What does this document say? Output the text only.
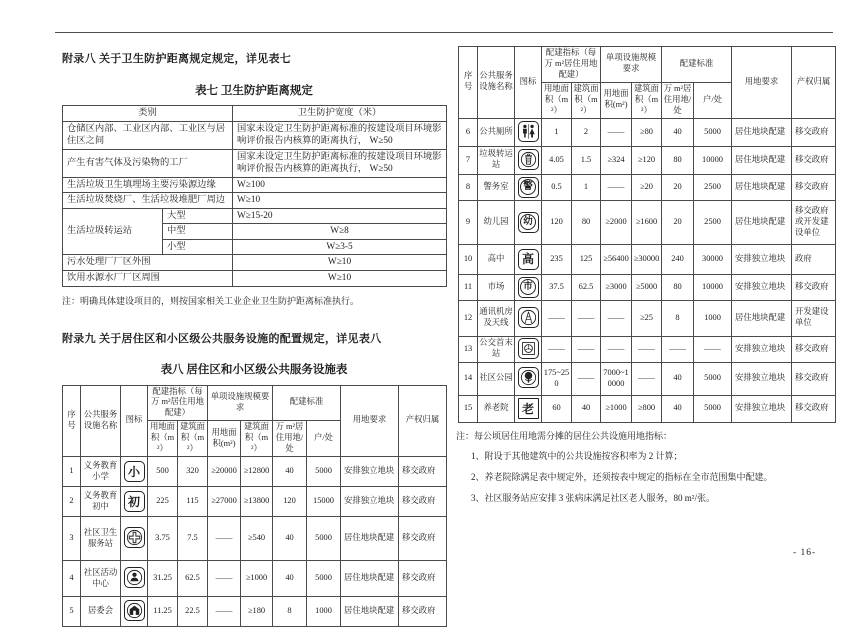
附录八 关于卫生防护距离规定规定，详见表七
表七 卫生防护距离规定
类别		卫生防护宽度（米）
仓储区内部、工业区内部、工业区与居住区之间		国家未设定卫生防护距离标准的按建设项目环境影响评价报告内核算的距离执行， W≥50
产生有害气体及污染物的工厂		国家未设定卫生防护距离标准的按建设项目环境影响评价报告内核算的距离执行， W≥50
生活垃圾卫生填埋场主要污染源边缘		W≥100
生活垃圾焚烧厂、生活垃圾堆肥厂周边		W≥10
生活垃圾转运站	大型	W≥15-20
	中型	W≥8
	小型	W≥3-5
污水处理厂厂区外围		W≥10
饮用水源水厂厂区周围		W≥10
注：明确具体建设项目的，则按国家相关工业企业卫生防护距离标准执行。
附录九 关于居住区和小区级公共服务设施的配置规定，详见表八
表八 居住区和小区级公共服务设施表
序号	公共服务设施名称	图标	配建指标（每万 m²居住用地配建）		单项设施规模要求		配建标准		用地要求	产权归属
			用地面积（m²）	建筑面积（m²）	用地面积(m²)	建筑面积（m²）	万 m²居住用地/处	户/处		
1	义务教育小学	小	500	320	≥20000	≥12800	40	5000	安排独立地块	移交政府
2	义务教育初中	初	225	115	≥27000	≥13800	120	15000	安排独立地块	移交政府
3	社区卫生服务站		3.75	7.5	——	≥540	40	5000	居住地块配建	移交政府
4	社区活动中心		31.25	62.5	——	≥1000	40	5000	居住地块配建	移交政府
5	居委会		11.25	22.5	——	≥180	8	1000	居住地块配建	移交政府
序号	公共服务设施名称	图标	配建指标（每万 m²居住用地配建）		单项设施规模要求		配建标准		用地要求	产权归属
			用地面积（m²）	建筑面积（m²）	用地面积(m²)	建筑面积（m²）	万 m²居住用地/处	户/处		
6	公共厕所		1	2	——	≥80	40	5000	居住地块配建	移交政府
7	垃圾转运站		4.05	1.5	≥324	≥120	80	10000	居住地块配建	移交政府
8	警务室	警	0.5	1	——	≥20	20	2500	居住地块配建	移交政府
9	幼儿园	幼	120	80	≥2000	≥1600	20	2500	居住地块配建	移交政府或开发建设单位
10	高中	高	235	125	≥56400	≥30000	240	30000	安排独立地块	政府
11	市场	市	37.5	62.5	≥3000	≥5000	80	10000	安排独立地块	移交政府
12	通讯机房及天线		——	——	——	≥25	8	1000	居住地块配建	开发建设单位
13	公交首末站		——	——	——	——	——	——	安排独立地块	移交政府
14	社区公园		175~250	——	7000~10000	——	40	5000	安排独立地块	移交政府
15	养老院	老	60	40	≥1000	≥800	40	5000	安排独立地块	移交政府
注：每公顷居住用地需分摊的居住公共设施用地指标：
1、附设于其他建筑中的公共设施按容积率为 2 计算；
2、养老院除满足表中规定外，还须按表中规定的指标在全市范围集中配建。
3、社区服务站应安排 3 张病床满足社区老人服务，80 m²/张。
- 16-
